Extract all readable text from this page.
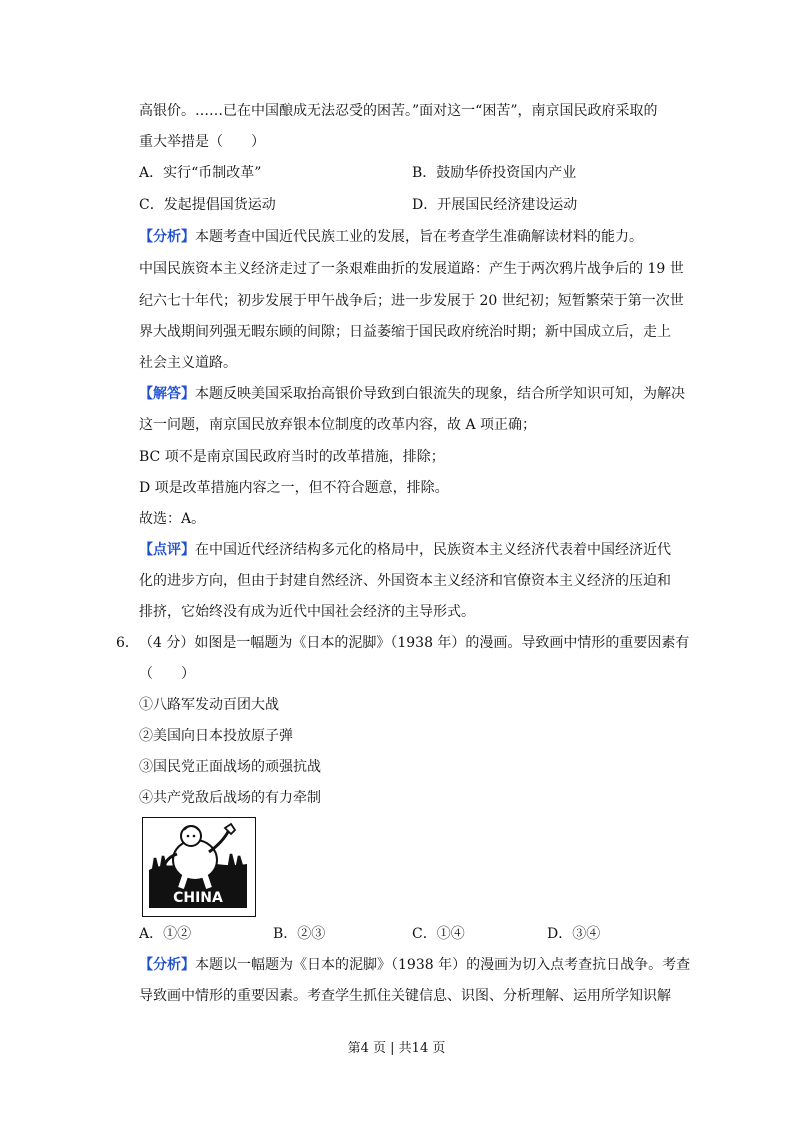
高银价。……已在中国酿成无法忍受的困苦。”面对这一“困苦”，南京国民政府采取的
重大举措是（　　）
A．实行“币制改革”	B．鼓励华侨投资国内产业
C．发起提倡国货运动	D．开展国民经济建设运动
【分析】本题考查中国近代民族工业的发展，旨在考查学生准确解读材料的能力。
中国民族资本主义经济走过了一条艰难曲折的发展道路：产生于两次鸦片战争后的 19 世
纪六七十年代；初步发展于甲午战争后；进一步发展于 20 世纪初；短暂繁荣于第一次世
界大战期间列强无暇东顾的间隙；日益萎缩于国民政府统治时期；新中国成立后，走上
社会主义道路。
【解答】本题反映美国采取抬高银价导致到白银流失的现象，结合所学知识可知，为解决
这一问题，南京国民放弃银本位制度的改革内容，故 A 项正确；
BC 项不是南京国民政府当时的改革措施，排除；
D 项是改革措施内容之一，但不符合题意，排除。
故选：A。
【点评】在中国近代经济结构多元化的格局中，民族资本主义经济代表着中国经济近代
化的进步方向，但由于封建自然经济、外国资本主义经济和官僚资本主义经济的压迫和
排挤，它始终没有成为近代中国社会经济的主导形式。
6． （4 分）如图是一幅题为《日本的泥脚》（1938 年）的漫画。导致画中情形的重要因素有
（　　）
①八路军发动百团大战
②美国向日本投放原子弹
③国民党正面战场的顽强抗战
④共产党敌后战场的有力牵制
CHINA
A．①②	B．②③	C．①④	D．③④
【分析】本题以一幅题为《日本的泥脚》（1938 年）的漫画为切入点考查抗日战争。考查
导致画中情形的重要因素。考查学生抓住关键信息、识图、分析理解、运用所学知识解
第4 页 | 共14 页
